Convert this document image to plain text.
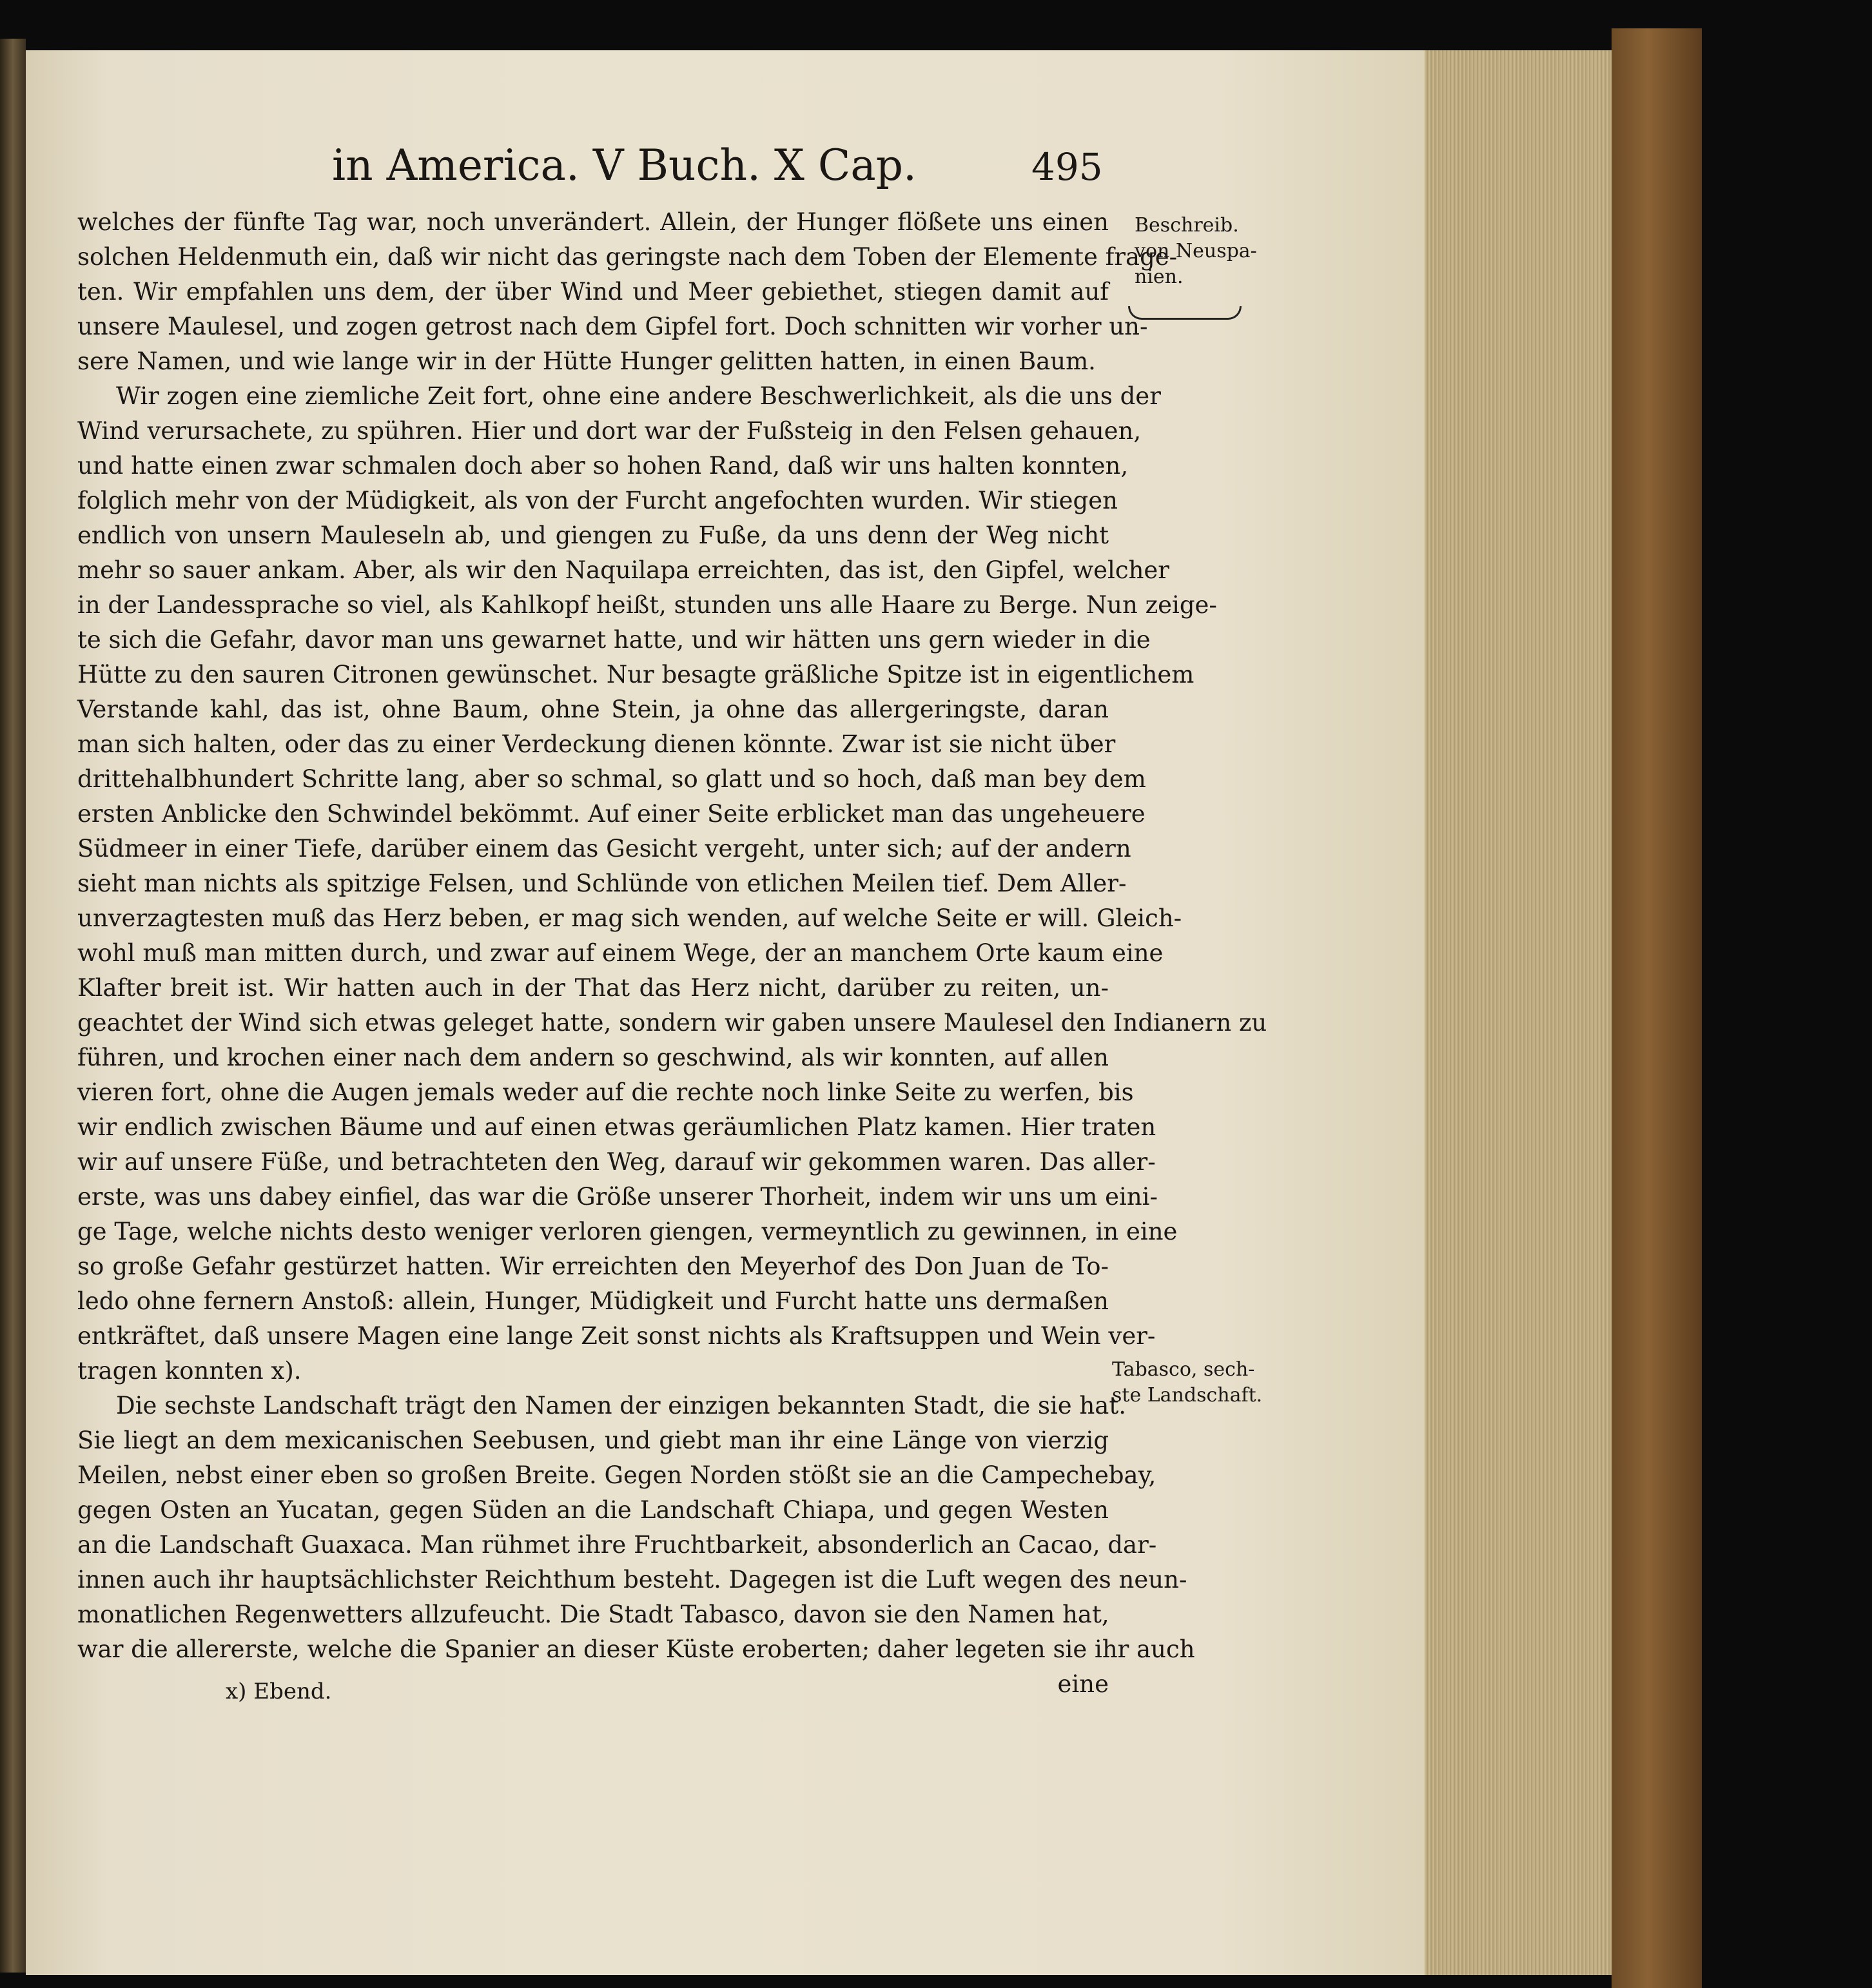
in America. V Buch. X Cap.	495
Beschreib.
von Neuspa-
nien.
Tabasco, sech-
ste Landschaft.
welches der fünfte Tag war, noch unverändert. Allein, der Hunger flößete uns einen
solchen Heldenmuth ein, daß wir nicht das geringste nach dem Toben der Elemente frage-
ten. Wir empfahlen uns dem, der über Wind und Meer gebiethet, stiegen damit auf
unsere Maulesel, und zogen getrost nach dem Gipfel fort. Doch schnitten wir vorher un-
sere Namen, und wie lange wir in der Hütte Hunger gelitten hatten, in einen Baum.
Wir zogen eine ziemliche Zeit fort, ohne eine andere Beschwerlichkeit, als die uns der
Wind verursachete, zu spühren. Hier und dort war der Fußsteig in den Felsen gehauen,
und hatte einen zwar schmalen doch aber so hohen Rand, daß wir uns halten konnten,
folglich mehr von der Müdigkeit, als von der Furcht angefochten wurden. Wir stiegen
endlich von unsern Mauleseln ab, und giengen zu Fuße, da uns denn der Weg nicht
mehr so sauer ankam. Aber, als wir den Naquilapa erreichten, das ist, den Gipfel, welcher
in der Landessprache so viel, als Kahlkopf heißt, stunden uns alle Haare zu Berge. Nun zeige-
te sich die Gefahr, davor man uns gewarnet hatte, und wir hätten uns gern wieder in die
Hütte zu den sauren Citronen gewünschet. Nur besagte gräßliche Spitze ist in eigentlichem
Verstande kahl, das ist, ohne Baum, ohne Stein, ja ohne das allergeringste, daran
man sich halten, oder das zu einer Verdeckung dienen könnte. Zwar ist sie nicht über
drittehalbhundert Schritte lang, aber so schmal, so glatt und so hoch, daß man bey dem
ersten Anblicke den Schwindel bekömmt. Auf einer Seite erblicket man das ungeheuere
Südmeer in einer Tiefe, darüber einem das Gesicht vergeht, unter sich; auf der andern
sieht man nichts als spitzige Felsen, und Schlünde von etlichen Meilen tief. Dem Aller-
unverzagtesten muß das Herz beben, er mag sich wenden, auf welche Seite er will. Gleich-
wohl muß man mitten durch, und zwar auf einem Wege, der an manchem Orte kaum eine
Klafter breit ist. Wir hatten auch in der That das Herz nicht, darüber zu reiten, un-
geachtet der Wind sich etwas geleget hatte, sondern wir gaben unsere Maulesel den Indianern zu
führen, und krochen einer nach dem andern so geschwind, als wir konnten, auf allen
vieren fort, ohne die Augen jemals weder auf die rechte noch linke Seite zu werfen, bis
wir endlich zwischen Bäume und auf einen etwas geräumlichen Platz kamen. Hier traten
wir auf unsere Füße, und betrachteten den Weg, darauf wir gekommen waren. Das aller-
erste, was uns dabey einfiel, das war die Größe unserer Thorheit, indem wir uns um eini-
ge Tage, welche nichts desto weniger verloren giengen, vermeyntlich zu gewinnen, in eine
so große Gefahr gestürzet hatten. Wir erreichten den Meyerhof des Don Juan de To-
ledo ohne fernern Anstoß: allein, Hunger, Müdigkeit und Furcht hatte uns dermaßen
entkräftet, daß unsere Magen eine lange Zeit sonst nichts als Kraftsuppen und Wein ver-
tragen konnten x).
Die sechste Landschaft trägt den Namen der einzigen bekannten Stadt, die sie hat.
Sie liegt an dem mexicanischen Seebusen, und giebt man ihr eine Länge von vierzig
Meilen, nebst einer eben so großen Breite. Gegen Norden stößt sie an die Campechebay,
gegen Osten an Yucatan, gegen Süden an die Landschaft Chiapa, und gegen Westen
an die Landschaft Guaxaca. Man rühmet ihre Fruchtbarkeit, absonderlich an Cacao, dar-
innen auch ihr hauptsächlichster Reichthum besteht. Dagegen ist die Luft wegen des neun-
monatlichen Regenwetters allzufeucht. Die Stadt Tabasco, davon sie den Namen hat,
war die allererste, welche die Spanier an dieser Küste eroberten; daher legeten sie ihr auch
eine
x) Ebend.
